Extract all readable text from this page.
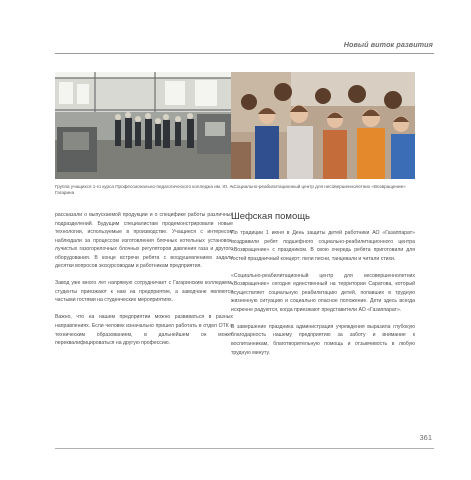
Новый виток развития
Группа учащихся 1-го курса Профессионально-педагогического колледжа им. Ю. А. Гагарина
«Социально-реабилитационный центр для несовершеннолетних «Возвращение»

рассказали о выпускаемой продукции и о специфике работы различных подразделений. Будущим специалистам продемонстрировали новые технологии, используемые в производстве. Учащиеся с интересом наблюдали за процессом изготовления блочных котельных установок, лучистых газогорелочных блочных регуляторов давления газа и другого оборудования. В конце встречи ребята с воодушевлением задали десятки вопросов экскурсоводам и работникам предприятия.

Завод уже много лет напрямую сотрудничает с Гагаринским колледжем, студенты приезжают к нам на предприятие, а заводчане являются частыми гостями на студенческих мероприятиях.

Важно, что на нашем предприятии можно развиваться в разных направлениях. Если человек изначально пришел работать в отдел ОТК с техническим образованием, в дальнейшем он может переквалифицироваться на другую профессию.

Шефская помощь

По традиции 1 июня в День защиты детей работники АО «Газаппарат» поздравили ребят подшефного социально-реабилитационного центра «Возвращение» с праздником. В свою очередь ребята приготовили для гостей праздничный концерт: пели песни, танцевали и читали стихи.

«Социально-реабилитационный центр для несовершеннолетних «Возвращение» сегодня единственный на территории Саратова, который осуществляет социальную реабилитацию детей, попавших в трудную жизненную ситуацию и социально опасное положение. Дети здесь всегда искренне радуются, когда приезжают представители АО «Газаппарат».

В завершение праздника администрация учреждения выразила глубокую благодарность нашему предприятию за заботу и внимание к воспитанникам, благотворительную помощь и отзывчивость в любую трудную минуту.

361
